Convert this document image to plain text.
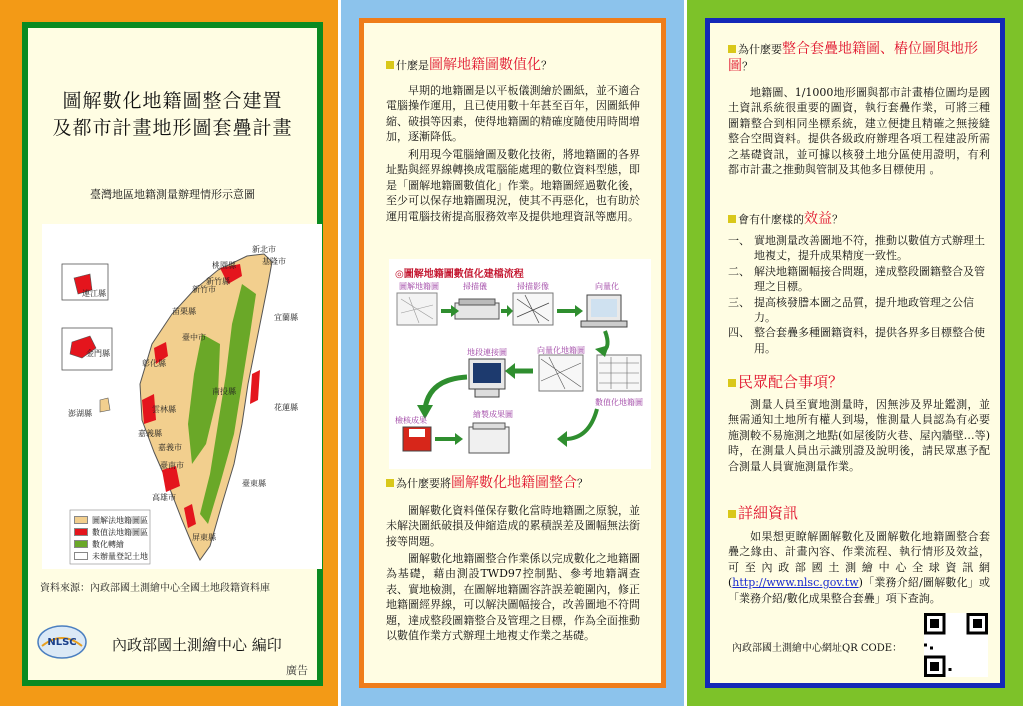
圖解數化地籍圖整合建置
及都市計畫地形圖套疊計畫
臺灣地區地籍測量辦理情形示意圖
新北市
基隆市
桃園縣
新竹縣
新竹市
苗栗縣
臺中市
宜蘭縣
南投縣
彰化縣
雲林縣	花蓮縣
嘉義縣
嘉義市
臺南市
高雄市
屏東縣
臺東縣
澎湖縣
連江縣
金門縣
圖解法地籍圖區
數值法地籍圖區
數化轉繪
未辦量登記土地
資料來源：內政部國土測繪中心全國土地段籍資料庫
NLSC 內政部國土測繪中心 編印
廣告
什麼是圖解地籍圖數值化？
早期的地籍圖是以平板儀測繪於圖紙，並不適合電腦操作運用，且已使用數十年甚至百年，因圖紙伸縮、破損等因素，使得地籍圖的精確度隨使用時間增加，逐漸降低。
利用現今電腦繪圖及數化技術，將地籍圖的各界址點與經界線轉換成電腦能處理的數位資料型態，即是「圖解地籍圖數值化」作業。地籍圖經過數化後，至少可以保存地籍圖現況，使其不再惡化，也有助於運用電腦技術提高服務效率及提供地理資訊等應用。
◎圖解地籍圖數值化建檔流程
圖解地籍圖	掃描儀	掃描影像	向量化
地段連接圖	向量化地籍圖
數值化地籍圖
檢核成果
繪製成果圖
為什麼要將圖解數化地籍圖整合？
圖解數化資料僅保存數化當時地籍圖之原貌，並未解決圖紙破損及伸縮造成的累積誤差及圖幅無法銜接等問題。
圖解數化地籍圖整合作業係以完成數化之地籍圖為基礎，藉由測設TWD97控制點、參考地籍調查表、實地檢測，在圖解地籍圖容許誤差範圍內，修正地籍圖經界線，可以解決圖幅接合，改善圖地不符問題，達成整段圖籍整合及管理之目標，作為全面推動以數值作業方式辦理土地複丈作業之基礎。
為什麼要整合套疊地籍圖、樁位圖與地形圖？
地籍圖、1/1000地形圖與都市計畫樁位圖均是國土資訊系統很重要的圖資，執行套疊作業，可將三種圖籍整合到相同坐標系統，建立便捷且精確之無接縫整合空間資料。提供各級政府辦理各項工程建設所需之基礎資訊，並可據以核發土地分區使用證明，有利都市計畫之推動與管制及其他多目標使用 。
會有什麼樣的效益？
一、 實地測量改善圖地不符，推動以數值方式辦理土地複丈，提升成果精度一致性。
二、 解決地籍圖幅接合問題，達成整段圖籍整合及管理之目標。
三、 提高核發謄本圖之品質，提升地政管理之公信力。
四、 整合套疊多種圖籍資料，提供各界多目標整合使用。
民眾配合事項？
測量人員至實地測量時，因無涉及界址鑑測，並無需通知土地所有權人到場，惟測量人員認為有必要施測較不易施測之地點(如屋後防火巷、屋內牆壁…等)時，在測量人員出示識別證及說明後，請民眾惠予配合測量人員實施測量作業。
詳細資訊
如果想更瞭解圖解數化及圖解數化地籍圖整合套疊之緣由、計畫內容、作業流程、執行情形及效益，可至內政部國土測繪中心全球資訊網(http://www.nlsc.gov.tw)「業務介紹/圖解數化」或「業務介紹/數化成果整合套疊」項下查詢。
內政部國土測繪中心網址QR CODE：
